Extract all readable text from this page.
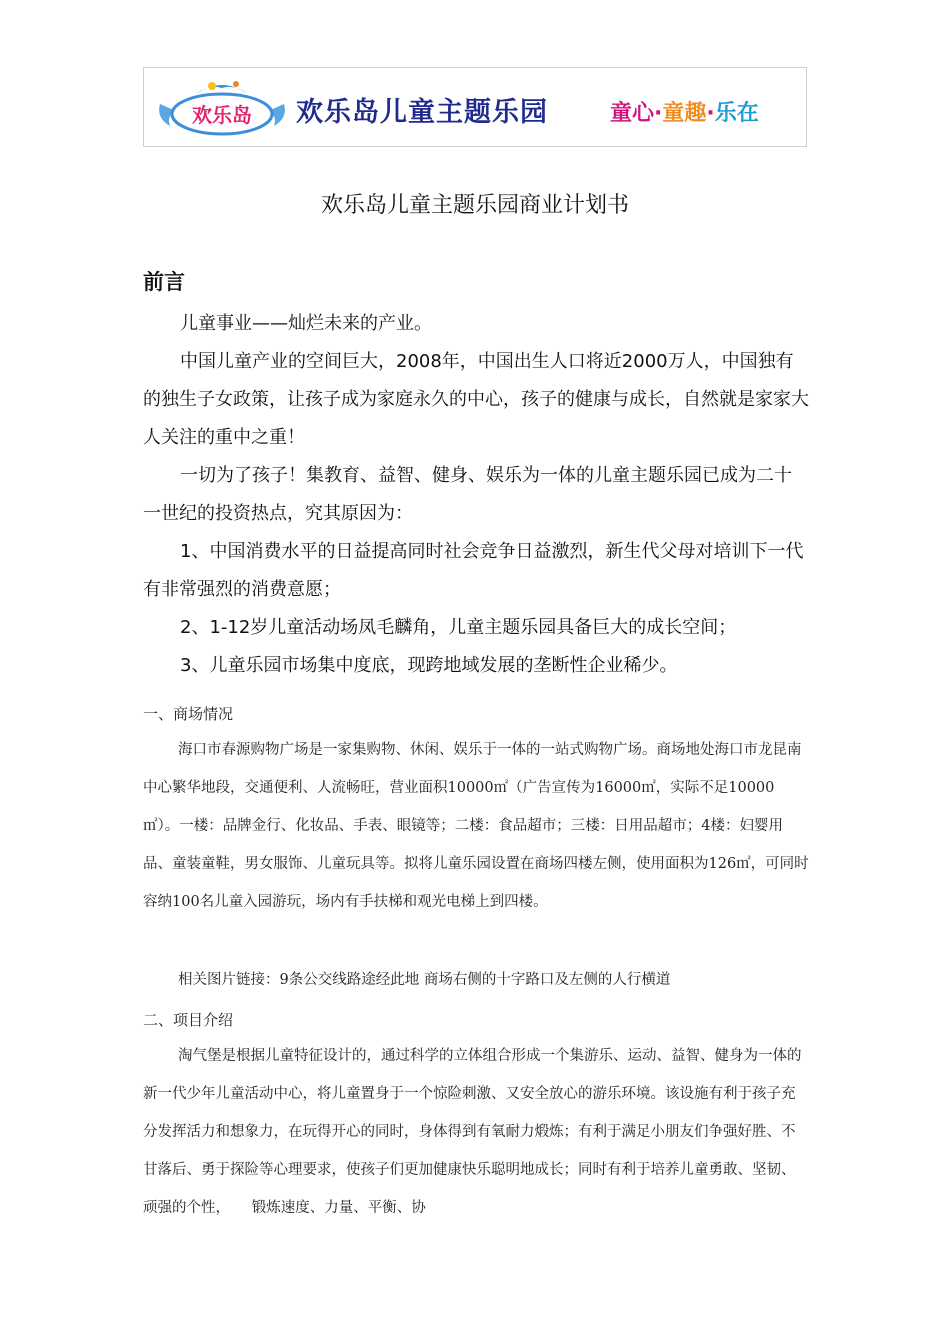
欢乐岛 欢乐岛儿童主题乐园	童心·童趣·乐在
欢乐岛儿童主题乐园商业计划书
前言

儿童事业——灿烂未来的产业。

中国儿童产业的空间巨大，2008年，中国出生人口将近2000万人，中国独有的独生子女政策，让孩子成为家庭永久的中心，孩子的健康与成长，自然就是家家大人关注的重中之重！

一切为了孩子！集教育、益智、健身、娱乐为一体的儿童主题乐园已成为二十一世纪的投资热点，究其原因为：

1、中国消费水平的日益提高同时社会竞争日益激烈，新生代父母对培训下一代有非常强烈的消费意愿；

2、1-12岁儿童活动场凤毛麟角，儿童主题乐园具备巨大的成长空间；

3、儿童乐园市场集中度底，现跨地域发展的垄断性企业稀少。

一、商场情况

海口市春源购物广场是一家集购物、休闲、娱乐于一体的一站式购物广场。商场地处海口市龙昆南中心繁华地段，交通便利、人流畅旺，营业面积10000㎡（广告宣传为16000㎡，实际不足10000㎡）。一楼：品牌金行、化妆品、手表、眼镜等；二楼：食品超市；三楼：日用品超市；4楼：妇婴用品、童装童鞋，男女服饰、儿童玩具等。拟将儿童乐园设置在商场四楼左侧，使用面积为126㎡，可同时容纳100名儿童入园游玩，场内有手扶梯和观光电梯上到四楼。

相关图片链接：9条公交线路途经此地 商场右侧的十字路口及左侧的人行横道

二、项目介绍

淘气堡是根据儿童特征设计的，通过科学的立体组合形成一个集游乐、运动、益智、健身为一体的新一代少年儿童活动中心，将儿童置身于一个惊险刺激、又安全放心的游乐环境。该设施有利于孩子充分发挥活力和想象力，在玩得开心的同时，身体得到有氧耐力煅炼；有利于满足小朋友们争强好胜、不甘落后、勇于探险等心理要求，使孩子们更加健康快乐聪明地成长；同时有利于培养儿童勇敢、坚韧、顽强的个性，　　锻炼速度、力量、平衡、协
